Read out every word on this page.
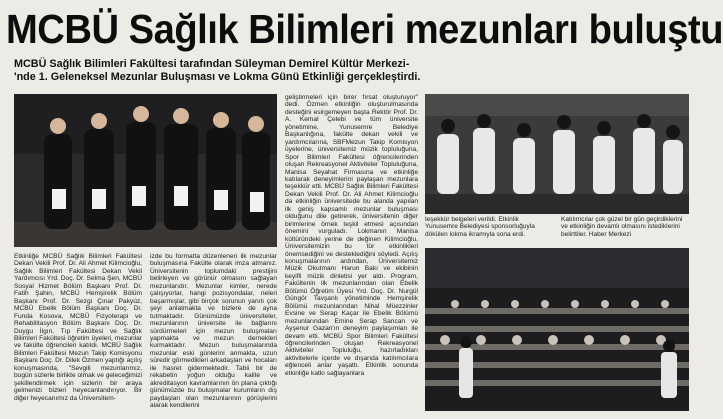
MCBÜ Sağlık Bilimleri mezunları buluştu
MCBÜ Sağlık Bilimleri Fakültesi tarafından Süleyman Demirel Kültür Merkezi-
'nde 1. Geleneksel Mezunlar Buluşması ve Lokma Günü Etkinliği gerçekleştirdi.

Etkinliğe MCBÜ Sağlık Bilimleri Fakültesi Dekan Vekili Prof. Dr. Ali Ahmet Kilimcioğlu, Sağlık Bilimleri Fakültesi Dekan Vekil Yardımcısı Yrd. Doç. Dr. Selma Şen, MCBÜ Sosyal Hizmet Bölüm Başkanı Prof. Dr. Fatih Şahin, MCBÜ Hemşirelik Bölüm Başkanı Prof. Dr. Sezgi Çınar Pakyüz, MCBÜ Ebelik Bölüm Başkanı Doç. Dr. Funda Kosova, MCBÜ Fizyoterapi ve Rehabilitasyon Bölüm Başkanı Doç. Dr. Duygu İlgın, Tıp Fakültesi ve Sağlık Bilimleri Fakültesi öğretim üyeleri, mezunlar ve fakülte öğrencileri katıldı. MCBÜ Sağlık Bilimleri Fakültesi Mezun Takip Komisyonu Başkanı Doç. Dr. Dilek Özmen yaptığı açılış konuşmasında, "Sevgili mezunlarımız, bugün sizlerle birlikte olmak ve geleceğimizi şekillendirmek için sizlerin bir araya gelmenizi bizleri heyecanlandırıyor. Bir diğer heyecanımız da Üniversitem-

izde bu formatta düzenlenen ilk mezunlar buluşmasına Fakülte olarak imza atmanız. Üniversitenin toplumdaki prestijini belirleyen ve görünür olmasını sağlayan mezunlarıdır. Mezunlar kimler, nerede çalışıyorlar, hangi pozisyondalar, neleri başarmışlar, gibi birçok sorunun yanıtı çok şeyi anlatmakta ve bizlere de ayna tutmaktadır. Günümüzde üniversiteler, mezunlarının üniversite ile bağlarını sürdürmeleri için mezun buluşmaları yapmakta ve mezun dernekleri kurmaktadır. Mezun buluşmalarında mezunlar eski günlerini anmakta, uzun süredir görmedikleri arkadaşları ve hocaları ile hasret gidermektedir. Tabii bir de rekabetin yoğun olduğu kalite ve akreditasyon kavramlarının ön plana çıktığı günümüzde bu buluşmalar kurumların dış paydaşları olan mezunlarının görüşlerini alarak kendilerini

geliştirmeleri için birer fırsat oluşturuyor" dedi. Özmen etkinliğin oluşturulmasında desteğini esirgemeyen başta Rektör Prof. Dr. A. Kemal Çelebi ve tüm üniversite yönetimine, Yunusemre Belediye Başkanlığına, fakülte dekan vekili ve yardımcılarına, SBFMezun Takip Komisyon üyelerine, üniversitemiz müzik topluluğuna, Spor Bilimleri Fakültesi öğrencilerinden oluşan Rekreasyonel Aktiviteler Topluluğuna, Manisa Seyahat Firmasına ve etkinliğe katılarak deneyimlerini paylaşan mezunlara teşekkür etti. MCBÜ Sağlık Bilimleri Fakültesi Dekan Vekili Prof. Dr. Ali Ahmet Kilimcioğlu da etkinliğin üniversitede bu alanda yapılan ilk geniş kapsamlı mezunlar buluşması olduğunu dile getirerek, üniversitenin diğer birimlerine örnek teşkil etmesi açısından önemini vurguladı. Lokmanın Manisa kültüründeki yerine de değinen Kilimcioğlu, Üniversitemizin bu tür etkinlikleri önemsediğini ve desteklediğini söyledi. Açılış konuşmalarının ardından, Üniversitemiz Müzik Okutmanı Harun Bakı ve ekibinin keyifli müzik dinletisi yer aldı. Program, Fakültenin ilk mezunlarından olan Ebelik Bölümü Öğretim Üyesi Yrd. Doç. Dr. Nurgül Güngör Tavşanlı yönetiminde Hemşirelik Bölümü mezunlarından Nihal Müezzinler Evsine ve Serap Kaçar ile Ebelik Bölümü mezunlarından Emine Serap Sancan ve Ayşenur Gazan'ın deneyim paylaşımları ile devam etti. MCBÜ Spor Bilimleri Fakültesi öğrencilerinden oluşan Rekreasyonel Aktiviteler Topluluğu, hazırladıkları aktivitelerle içerde ve dışarıda katılımcılara eğlenceli anlar yaşattı. Etkinlik sonunda etkinliğe katkı sağlayanlara

teşekkür belgeleri verildi. Etkinlik Yunusemre Belediyesi sponsorluğuyla dökülen lokma ikramıyla sona erdi.
Katılımcılar çok güzel bir gün geçirdiklerini ve etkinliğin devamlı olmasını istediklerini belirttiler. Haber Merkezi
